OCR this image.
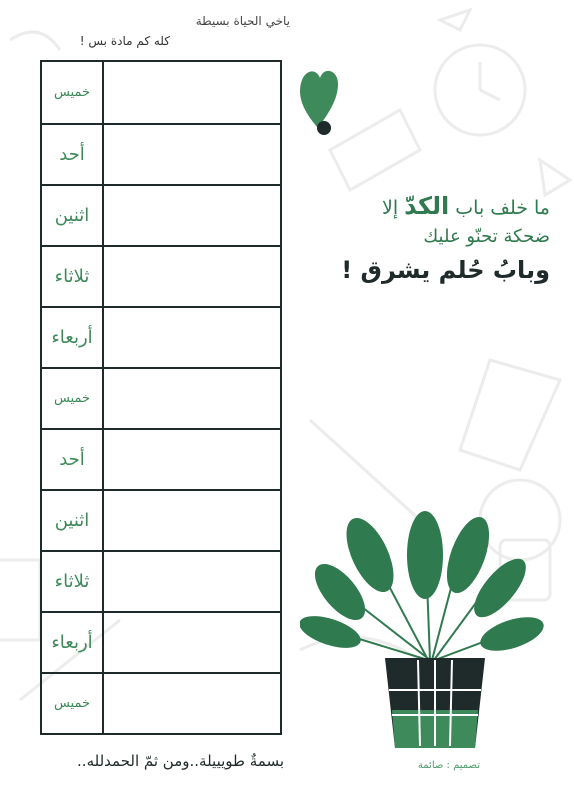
ياخي الحياة بسيطة
كله كم مادة بس !
خميس
أحد
اثنين
ثلاثاء
أربعاء
خميس
أحد
اثنين
ثلاثاء
أربعاء
خميس
ما خلف باب الكدّ إلا
ضحكة تحنّو عليك
وبابُ حُلم يشرق !
بسمةٌ طويييلة..ومن ثمّ الحمدلله..	تصميم : صائمة
